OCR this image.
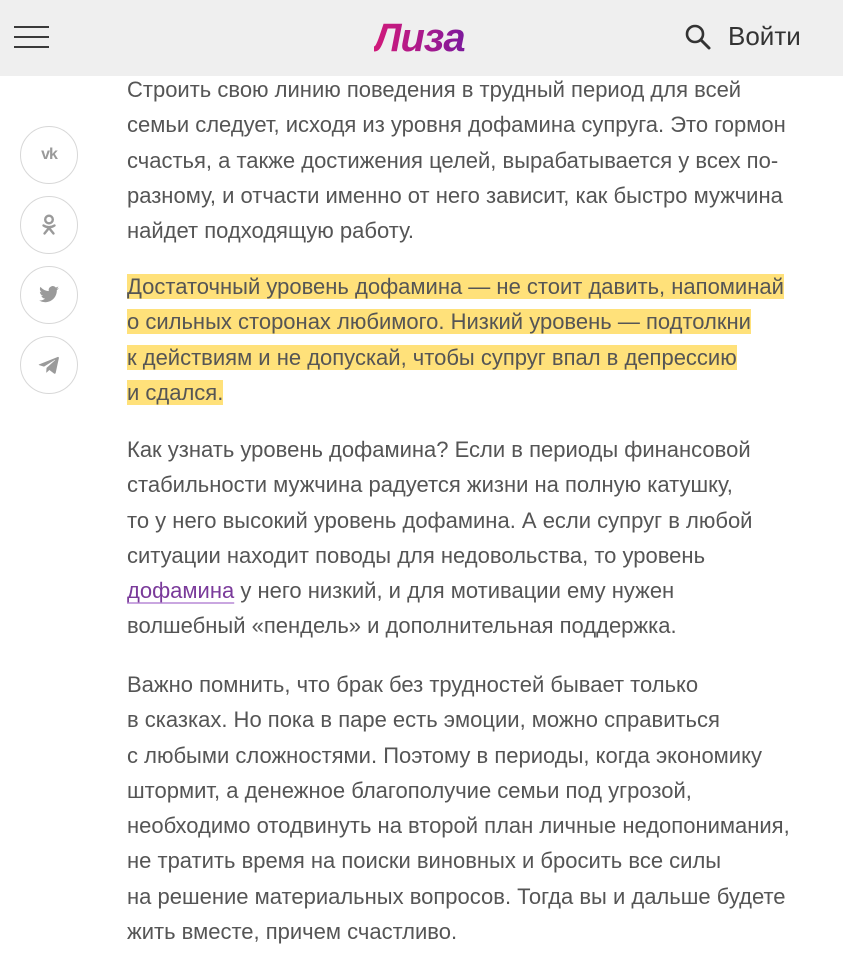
Лиза	Войти
vk

Строить свою линию поведения в трудный период для всей
семьи следует, исходя из уровня дофамина супруга. Это гормон
счастья, а также достижения целей, вырабатывается у всех по-
разному, и отчасти именно от него зависит, как быстро мужчина
найдет подходящую работу.

Достаточный уровень дофамина — не стоит давить, напоминай
о сильных сторонах любимого. Низкий уровень — подтолкни
к действиям и не допускай, чтобы супруг впал в депрессию
и сдался.

Как узнать уровень дофамина? Если в периоды финансовой
стабильности мужчина радуется жизни на полную катушку,
то у него высокий уровень дофамина. А если супруг в любой
ситуации находит поводы для недовольства, то уровень
дофамина у него низкий, и для мотивации ему нужен
волшебный «пендель» и дополнительная поддержка.

Важно помнить, что брак без трудностей бывает только
в сказках. Но пока в паре есть эмоции, можно справиться
с любыми сложностями. Поэтому в периоды, когда экономику
штормит, а денежное благополучие семьи под угрозой,
необходимо отодвинуть на второй план личные недопонимания,
не тратить время на поиски виновных и бросить все силы
на решение материальных вопросов. Тогда вы и дальше будете
жить вместе, причем счастливо.
